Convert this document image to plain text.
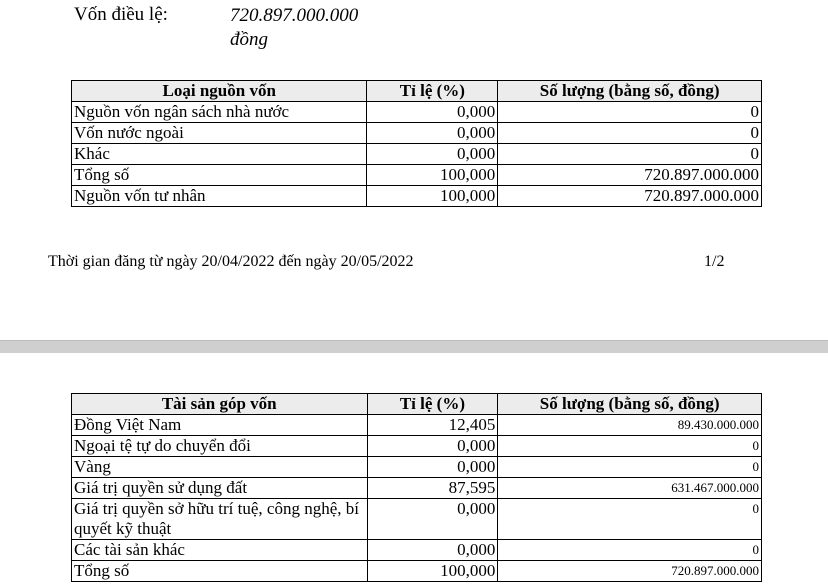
Vốn điều lệ:	720.897.000.000
đồng
Loại nguồn vốn	Tỉ lệ (%)	Số lượng (bằng số, đồng)
Nguồn vốn ngân sách nhà nước	0,000	0
Vốn nước ngoài	0,000	0
Khác	0,000	0
Tổng số	100,000	720.897.000.000
Nguồn vốn tư nhân	100,000	720.897.000.000
Thời gian đăng từ ngày 20/04/2022 đến ngày 20/05/2022	1/2
Tài sản góp vốn	Tỉ lệ (%)	Số lượng (bằng số, đồng)
Đồng Việt Nam	12,405	89.430.000.000
Ngoại tệ tự do chuyển đổi	0,000	0
Vàng	0,000	0
Giá trị quyền sử dụng đất	87,595	631.467.000.000
Giá trị quyền sở hữu trí tuệ, công nghệ, bí quyết kỹ thuật	0,000	0
Các tài sản khác	0,000	0
Tổng số	100,000	720.897.000.000
